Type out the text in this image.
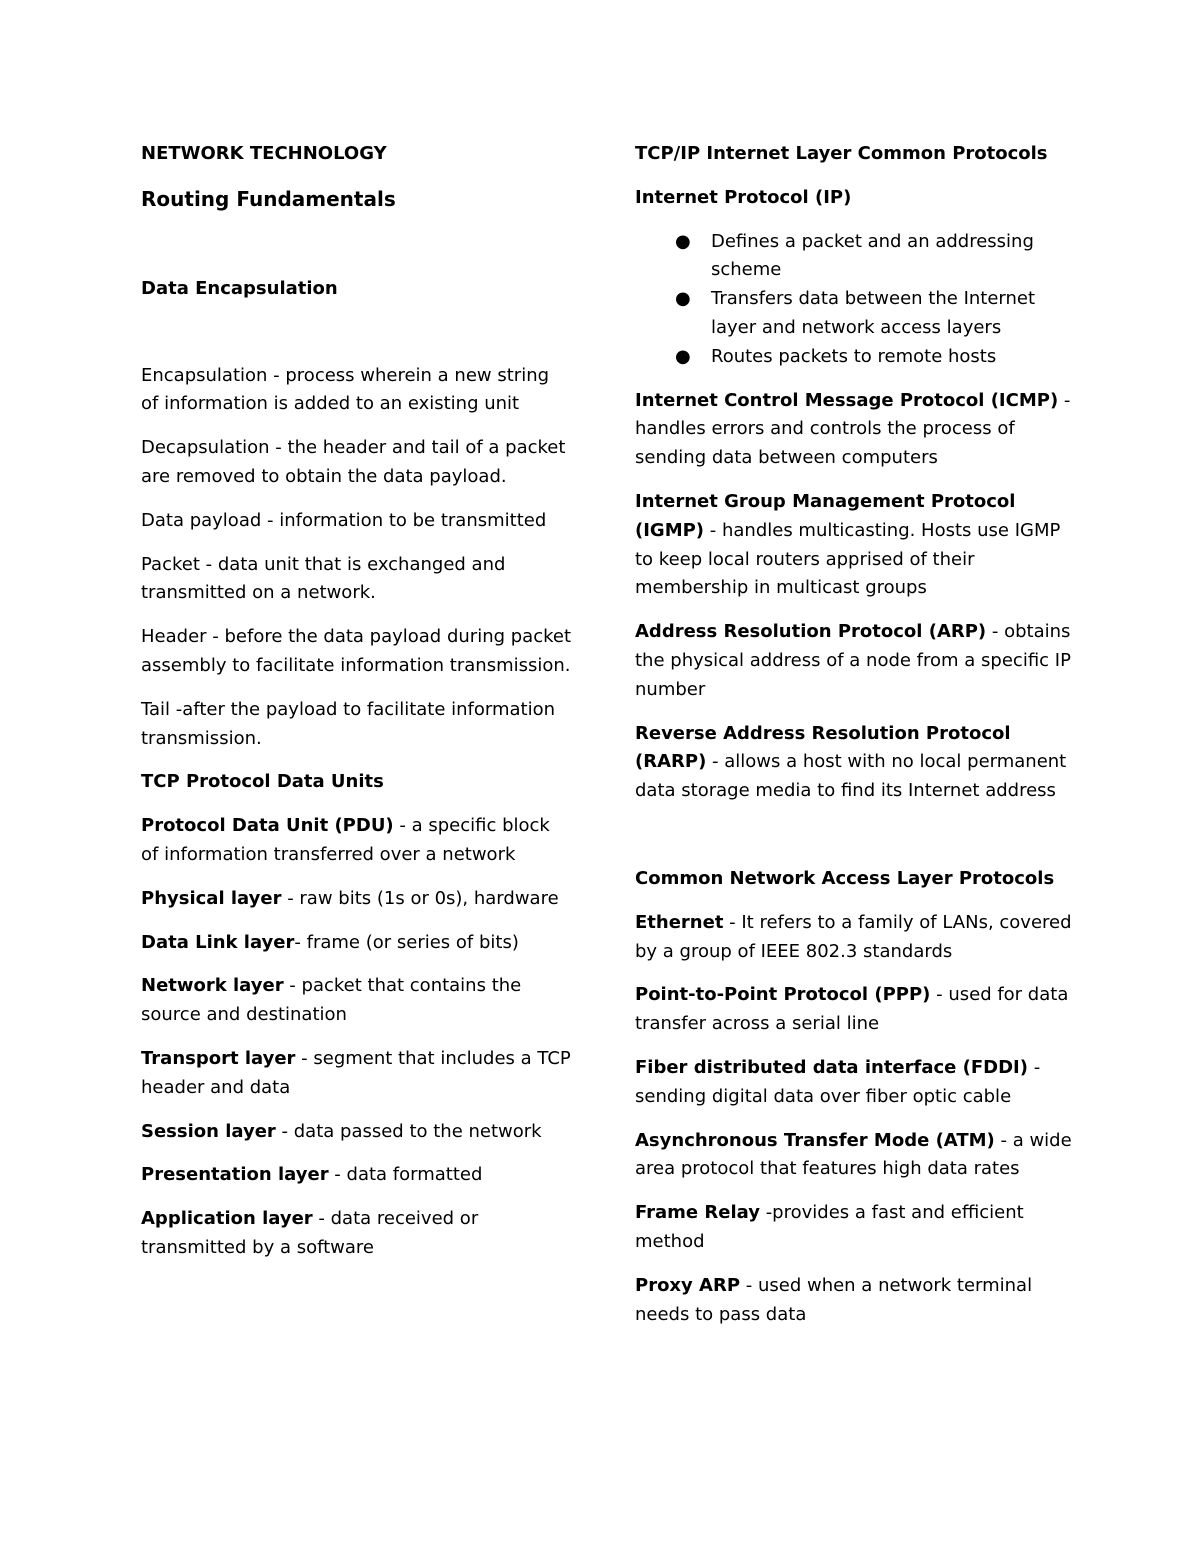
NETWORK TECHNOLOGY
Routing Fundamentals
Data Encapsulation

Encapsulation - process wherein a new string of information is added to an existing unit

Decapsulation - the header and tail of a packet are removed to obtain the data payload.

Data payload - information to be transmitted

Packet - data unit that is exchanged and transmitted on a network.

Header - before the data payload during packet assembly to facilitate information transmission.

Tail -after the payload to facilitate information transmission.

TCP Protocol Data Units

Protocol Data Unit (PDU) - a specific block of information transferred over a network

Physical layer - raw bits (1s or 0s), hardware

Data Link layer- frame (or series of bits)

Network layer - packet that contains the source and destination

Transport layer - segment that includes a TCP header and data

Session layer - data passed to the network

Presentation layer - data formatted

Application layer - data received or transmitted by a software

TCP/IP Internet Layer Common Protocols
Internet Protocol (IP)
● Defines a packet and an addressing scheme
● Transfers data between the Internet layer and network access layers
● Routes packets to remote hosts

Internet Control Message Protocol (ICMP) - handles errors and controls the process of sending data between computers

Internet Group Management Protocol (IGMP) - handles multicasting. Hosts use IGMP to keep local routers apprised of their membership in multicast groups

Address Resolution Protocol (ARP) - obtains the physical address of a node from a specific IP number

Reverse Address Resolution Protocol (RARP) - allows a host with no local permanent data storage media to find its Internet address

Common Network Access Layer Protocols

Ethernet - It refers to a family of LANs, covered by a group of IEEE 802.3 standards

Point-to-Point Protocol (PPP) - used for data transfer across a serial line

Fiber distributed data interface (FDDI) - sending digital data over fiber optic cable

Asynchronous Transfer Mode (ATM) - a wide area protocol that features high data rates

Frame Relay -provides a fast and efficient method

Proxy ARP - used when a network terminal needs to pass data
